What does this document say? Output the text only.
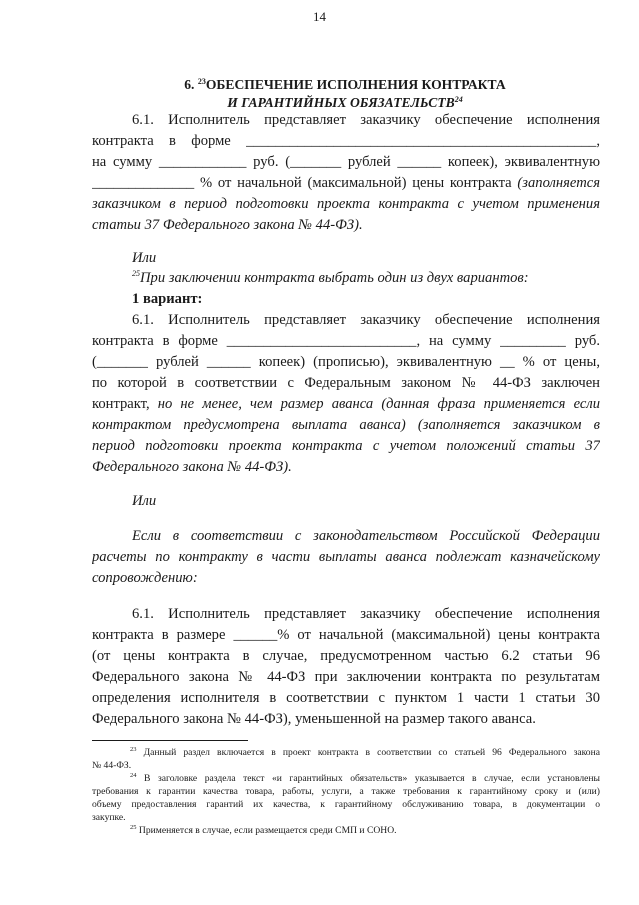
14
6. $^{23}$ОБЕСПЕЧЕНИЕ ИСПОЛНЕНИЯ КОНТРАКТА
И ГАРАНТИЙНЫХ ОБЯЗАТЕЛЬСТВ$^{24}$
6.1. Исполнитель представляет заказчику обеспечение исполнения
контракта в форме ________________________________________________,
на сумму ____________ руб. (_______ рублей ______ копеек), эквивалентную
______________ % от начальной (максимальной) цены контракта (заполняется
заказчиком в период подготовки проекта контракта с учетом применения
статьи 37 Федерального закона № 44-ФЗ).
Или
$^{25}$При заключении контракта выбрать один из двух вариантов:
1 вариант:
6.1. Исполнитель представляет заказчику обеспечение исполнения
контракта в форме __________________________, на сумму _________ руб.
(_______ рублей ______ копеек) (прописью), эквивалентную __ % от цены,
по которой в соответствии с Федеральным законом № 44-ФЗ заключен
контракт, но не менее, чем размер аванса (данная фраза применяется если
контрактом предусмотрена выплата аванса) (заполняется заказчиком в
период подготовки проекта контракта с учетом положений статьи 37
Федерального закона № 44-ФЗ).
Или
Если в соответствии с законодательством Российской Федерации
расчеты по контракту в части выплаты аванса подлежат казначейскому
сопровождению:
6.1. Исполнитель представляет заказчику обеспечение исполнения
контракта в размере ______% от начальной (максимальной) цены контракта
(от цены контракта в случае, предусмотренном частью 6.2 статьи 96
Федерального закона № 44-ФЗ при заключении контракта по результатам
определения исполнителя в соответствии с пунктом 1 части 1 статьи 30
Федерального закона № 44-ФЗ), уменьшенной на размер такого аванса.
$^{23}$ Данный раздел включается в проект контракта в соответствии со статьей 96 Федерального закона
№ 44-ФЗ.
$^{24}$ В заголовке раздела текст «и гарантийных обязательств» указывается в случае, если установлены
требования к гарантии качества товара, работы, услуги, а также требования к гарантийному сроку и (или)
объему предоставления гарантий их качества, к гарантийному обслуживанию товара, в документации о
закупке.
$^{25}$ Применяется в случае, если размещается среди СМП и СОНО.
